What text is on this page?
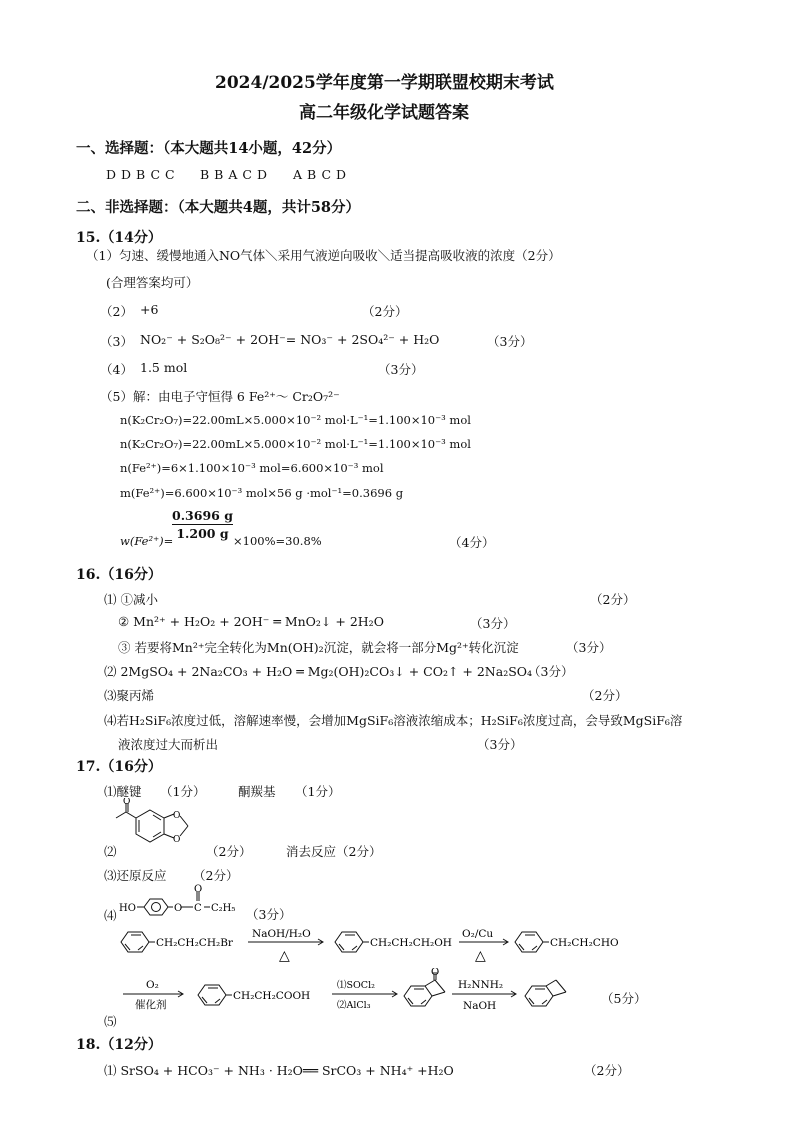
2024/2025学年度第一学期联盟校期末考试
高二年级化学试题答案
一、选择题：（本大题共14小题，42分）
DDBCC BBACD ABCD
二、非选择题：（本大题共4题，共计58分）
15.（14分）
（1）匀速、缓慢地通入NO气体＼采用气液逆向吸收＼适当提高吸收液的浓度（2分）
(合理答案均可）
（2） +6	（2分）
（3） NO₂⁻ + S₂O₈²⁻ + 2OH⁻= NO₃⁻ + 2SO₄²⁻ + H₂O	（3分）
（4） 1.5 mol	（3分）
（5）解：由电子守恒得 6 Fe²⁺～ Cr₂O₇²⁻
n(K₂Cr₂O₇)=22.00mL×5.000×10⁻² mol·L⁻¹=1.100×10⁻³ mol
n(K₂Cr₂O₇)=22.00mL×5.000×10⁻² mol·L⁻¹=1.100×10⁻³ mol
n(Fe²⁺)=6×1.100×10⁻³ mol=6.600×10⁻³ mol
m(Fe²⁺)=6.600×10⁻³ mol×56 g ·mol⁻¹=0.3696 g
w(Fe²⁺)=
0.3696 g
1.200 g ×100%=30.8%	（4分）
16.（16分）
⑴ ①减小	（2分）
② Mn²⁺ + H₂O₂ + 2OH⁻ ═ MnO₂↓ + 2H₂O	（3分）
③ 若要将Mn²⁺完全转化为Mn(OH)₂沉淀，就会将一部分Mg²⁺转化沉淀	（3分）
⑵ 2MgSO₄ + 2Na₂CO₃ + H₂O ═ Mg₂(OH)₂CO₃↓ + CO₂↑ + 2Na₂SO₄
（3分）
⑶聚丙烯	（2分）
⑷若H₂SiF₆浓度过低，溶解速率慢，会增加MgSiF₆溶液浓缩成本；H₂SiF₆浓度过高，会导致MgSiF₆溶
液浓度过大而析出	（3分）
17.（16分）
⑴醚键 （1分）	酮羰基 （1分）
O
O
O
⑵	（2分）	消去反应（2分）
⑶还原反应 （2分）
⑷ HO	O C
O
C₂H₅ （3分）
CH₂CH₂CH₂Br
NaOH/H₂O
△
CH₂CH₂CH₂OH
O₂/Cu
△
CH₂CH₂CHO
O₂
催化剂
CH₂CH₂COOH
⑴SOCl₂
⑵AlCl₃
O
H₂NNH₂
NaOH	（5分）
⑸
18.（12分）
⑴ SrSO₄ + HCO₃⁻ + NH₃ · H₂O══ SrCO₃ + NH₄⁺ +H₂O	（2分）
